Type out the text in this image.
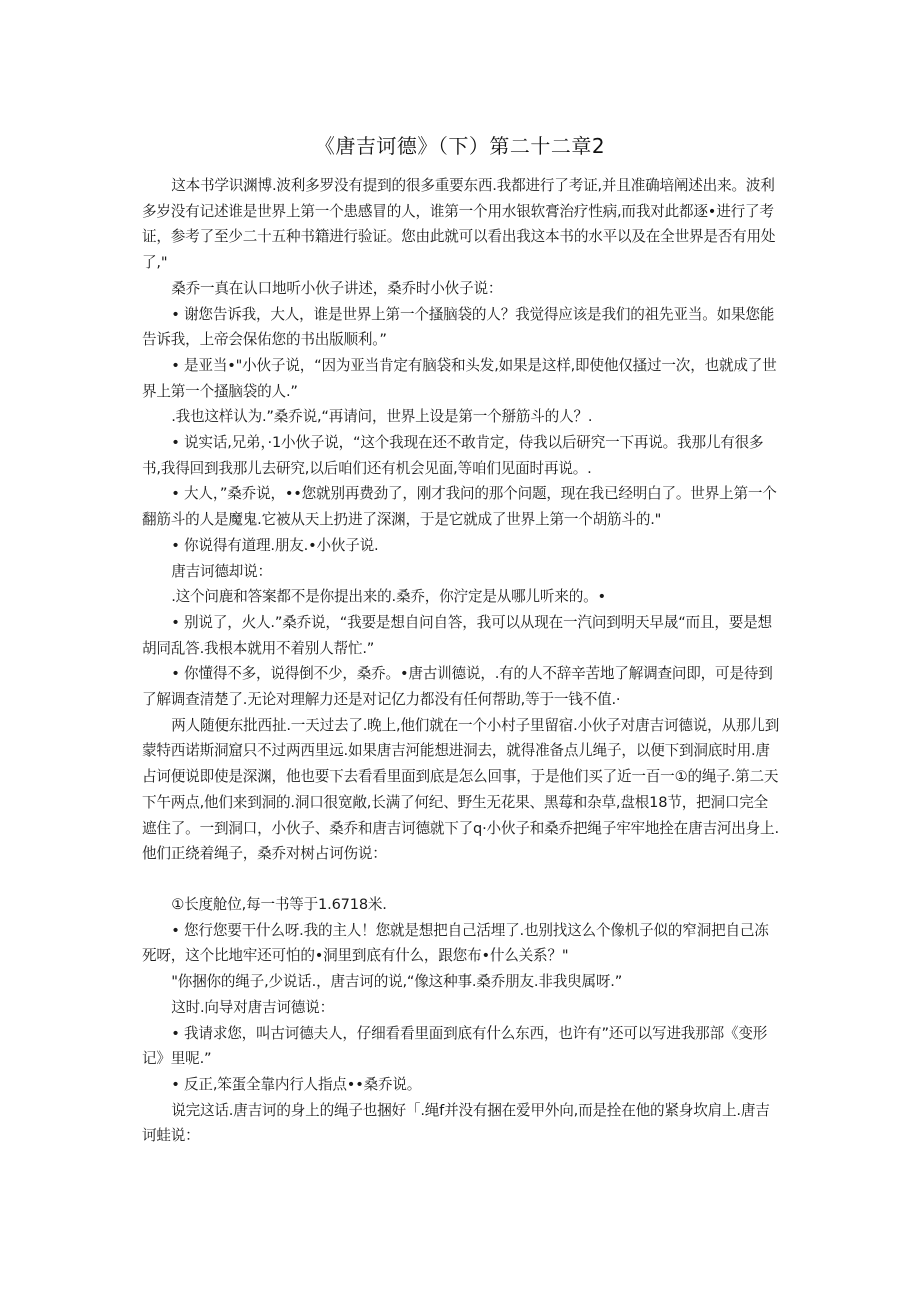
《唐吉诃德》（下）第二十二章2

这本书学识渊博.波利多罗没有提到的很多重要东西.我都进行了考证,并且准确培阐述出来。波利多岁没有记述谁是世界上第一个患感冒的人，谁第一个用水银软膏治疗性病,而我对此都逐•进行了考证，参考了至少二十五种书籍进行验证。您由此就可以看出我这本书的水平以及在全世界是否有用处了,"

桑乔一真在认口地听小伙子讲述，桑乔时小伙子说：

• 谢您告诉我，大人，谁是世界上第一个搔脑袋的人？我觉得应该是我们的祖先亚当。如果您能告诉我，上帝会保佑您的书出版顺利。”

• 是亚当•"小伙子说，“因为亚当肯定有脑袋和头发,如果是这样,即使他仅搔过一次，也就成了世界上第一个搔脑袋的人.”

.我也这样认为.”桑乔说,“再请问，世界上设是第一个掰筋斗的人？.

• 说实话,兄弟，·1小伙子说，“这个我现在还不敢肯定，侍我以后研究一下再说。我那儿有很多书,我得回到我那儿去研究,以后咱们还有机会见面,等咱们见面时再说。.

• 大人，”桑乔说，••您就别再费劲了，刚才我问的那个问题，现在我已经明白了。世界上第一个翻筋斗的人是魔鬼.它被从天上扔进了深渊，于是它就成了世界上第一个胡筋斗的."

• 你说得有道理.朋友.•小伙子说.

唐吉诃德却说：

.这个问鹿和答案都不是你提出来的.桑乔，你泞定是从哪儿听来的。•

• 别说了，火人.”桑乔说，“我要是想自问自答，我可以从现在一汽问到明天早晟“而且，要是想胡同乱答.我根本就用不着别人帮忙.”

• 你懂得不多，说得倒不少，桑乔。•唐古训德说，.有的人不辞辛苦地了解调查问即，可是待到了解调查清楚了.无论对理解力还是对记亿力都没有任何帮助,等于一钱不值.·

两人随便东批西扯.一天过去了.晚上,他们就在一个小村子里留宿.小伙子对唐吉诃德说，从那儿到蒙特西诺斯洞窟只不过两西里远.如果唐吉河能想进洞去，就得准备点儿绳子，以便下到洞底时用.唐占诃便说即使是深渊，他也要下去看看里面到底是怎么回事，于是他们买了近一百一①的绳子.第二天下午两点,他们来到洞的.洞口很宽敞,长满了何纪、野生无花果、黑莓和杂草,盘根18节，把洞口完全遮住了。一到洞口，小伙子、桑乔和唐吉诃德就下了q·小伙子和桑乔把绳子牢牢地拴在唐吉河出身上.他们正绕着绳子，桑乔对树占诃伤说：

①长度舱位,每一书等于1.6718米.

• 您行您要干什么呀.我的主人！您就是想把自己活埋了.也别找这么个像机子似的窄洞把自己冻死呀，这个比地牢还可怕的•洞里到底有什么，跟您布•什么关系？"

"你捆你的绳子,少说话.，唐吉诃的说,“像这种事.桑乔朋友.非我臾属呀.”

这时.向导对唐吉诃德说：

• 我请求您，叫古诃德夫人，仔细看看里面到底有什么东西，也许有”还可以写进我那部《变形记》里呢.”

• 反正,笨蛋全靠内行人指点••桑乔说。

说完这话.唐吉诃的身上的绳子也捆好「.绳f并没有捆在爱甲外向,而是拴在他的紧身坎肩上.唐吉诃蛙说：
